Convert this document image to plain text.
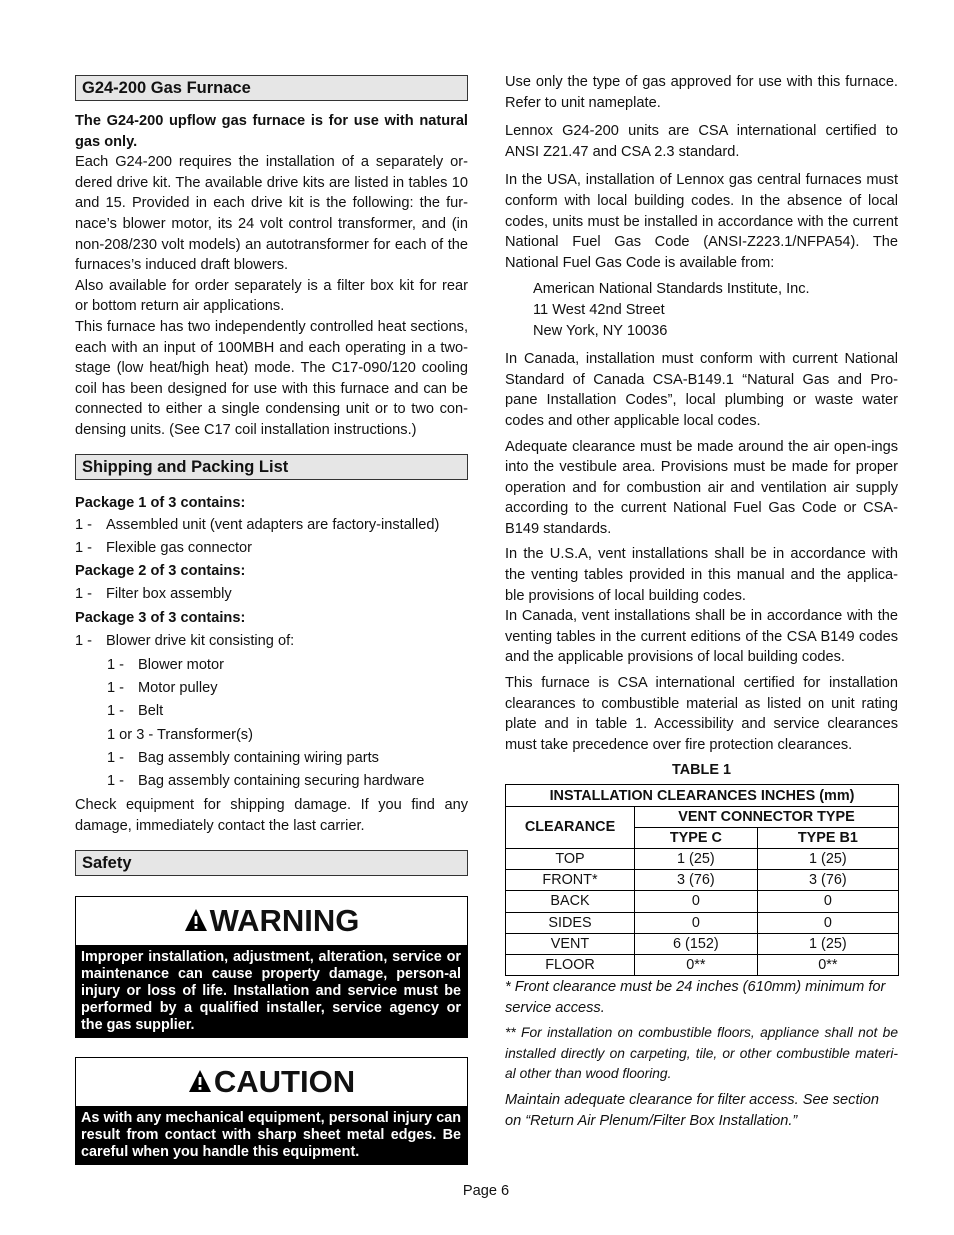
G24-200 Gas Furnace

The G24-200 upflow gas furnace is for use with natural gas only.

Each G24-200 requires the installation of a separately or-dered drive kit. The available drive kits are listed in tables 10 and 15. Provided in each drive kit is the following: the fur-nace’s blower motor, its 24 volt control transformer, and (in non-208/230 volt models) an autotransformer for each of the furnaces’s induced draft blowers.

Also available for order separately is a filter box kit for rear or bottom return air applications.

This furnace has two independently controlled heat sections, each with an input of 100MBH and each operating in a two-stage (low heat/high heat) mode. The C17-090/120 cooling coil has been designed for use with this furnace and can be connected to either a single condensing unit or to two con-densing units. (See C17 coil installation instructions.)

Shipping and Packing List
Package 1 of 3 contains:
1 - Assembled unit (vent adapters are factory-installed)
1 - Flexible gas connector
Package 2 of 3 contains:
1 - Filter box assembly
Package 3 of 3 contains:
1 - Blower drive kit consisting of:
1 - Blower motor
1 - Motor pulley
1 - Belt
1 or 3 - Transformer(s)
1 - Bag assembly containing wiring parts
1 - Bag assembly containing securing hardware

Check equipment for shipping damage. If you find any damage, immediately contact the last carrier.

Safety
WARNING
Improper installation, adjustment, alteration, service or maintenance can cause property damage, person-al injury or loss of life. Installation and service must be performed by a qualified installer, service agency or the gas supplier.
CAUTION
As with any mechanical equipment, personal injury can result from contact with sharp sheet metal edges. Be careful when you handle this equipment.

Use only the type of gas approved for use with this furnace. Refer to unit nameplate.

Lennox G24-200 units are CSA international certified to ANSI Z21.47 and CSA 2.3 standard.

In the USA, installation of Lennox gas central furnaces must conform with local building codes. In the absence of local codes, units must be installed in accordance with the current National Fuel Gas Code (ANSI-Z223.1/NFPA54). The National Fuel Gas Code is available from:

American National Standards Institute, Inc.
11 West 42nd Street
New York, NY 10036

In Canada, installation must conform with current National Standard of Canada CSA-B149.1 “Natural Gas and Pro-pane Installation Codes”, local plumbing or waste water codes and other applicable local codes.

Adequate clearance must be made around the air open-ings into the vestibule area. Provisions must be made for proper operation and for combustion air and ventilation air supply according to the current National Fuel Gas Code or CSA-B149 standards.

In the U.S.A, vent installations shall be in accordance with the venting tables provided in this manual and the applica-ble provisions of local building codes.

In Canada, vent installations shall be in accordance with the venting tables in the current editions of the CSA B149 codes and the applicable provisions of local building codes.

This furnace is CSA international certified for installation clearances to combustible material as listed on unit rating plate and in table 1. Accessibility and service clearances must take precedence over fire protection clearances.

TABLE 1
INSTALLATION CLEARANCES INCHES (mm)		
CLEARANCE	VENT CONNECTOR TYPE	
	TYPE C	TYPE B1
TOP	1 (25)	1 (25)
FRONT*	3 (76)	3 (76)
BACK	0	0
SIDES	0	0
VENT	6 (152)	1 (25)
FLOOR	0**	0**

* Front clearance must be 24 inches (610mm) minimum for service access.

** For installation on combustible floors, appliance shall not be installed directly on carpeting, tile, or other combustible materi-al other than wood flooring.

Maintain adequate clearance for filter access. See section on “Return Air Plenum/Filter Box Installation.”

Page 6
